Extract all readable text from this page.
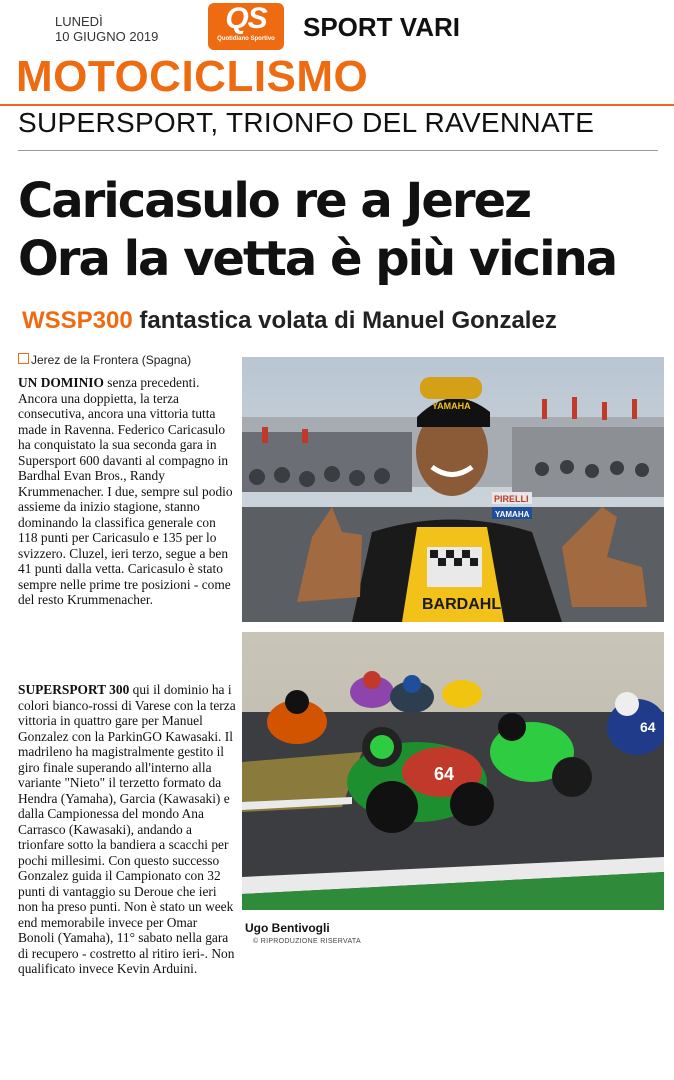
LUNEDÌ
10 GIUGNO 2019
QS
Quotidiano Sportivo	SPORT VARI
MOTOCICLISMO
SUPERSPORT, TRIONFO DEL RAVENNATE
Caricasulo re a Jerez
Ora la vetta è più vicina
WSSP300 fantastica volata di Manuel Gonzalez
Jerez de la Frontera (Spagna)
UN DOMINIO senza precedenti. Ancora una doppietta, la terza consecutiva, ancora una vittoria tutta made in Ravenna. Federico Caricasulo ha conquistato la sua seconda gara in Supersport 600 davanti al compagno in Bardhal Evan Bros., Randy Krummenacher. I due, sempre sul podio assieme da inizio stagione, stanno dominando la classifica generale con 118 punti per Caricasulo e 135 per lo svizzero. Cluzel, ieri terzo, segue a ben 41 punti dalla vetta. Caricasulo è stato sempre nelle prime tre posizioni - come del resto Krummenacher.
SUPERSPORT 300 qui il dominio ha i colori bianco-rossi di Varese con la terza vittoria in quattro gare per Manuel Gonzalez con la ParkinGO Kawasaki. Il madrileno ha magistralmente gestito il giro finale superando all'interno alla variante "Nieto" il terzetto formato da Hendra (Yamaha), Garcia (Kawasaki) e dalla Campionessa del mondo Ana Carrasco (Kawasaki), andando a trionfare sotto la bandiera a scacchi per pochi millesimi. Con questo successo Gonzalez guida il Campionato con 32 punti di vantaggio su Deroue che ieri non ha preso punti. Non è stato un week end memorabile invece per Omar Bonoli (Yamaha), 11° sabato nella gara di recupero - costretto al ritiro ieri-. Non qualificato invece Kevin Arduini.
BARDAHL
PIRELLI
YAMAHA
YAMAHA
64
64
Ugo Bentivogli
© RIPRODUZIONE RISERVATA
